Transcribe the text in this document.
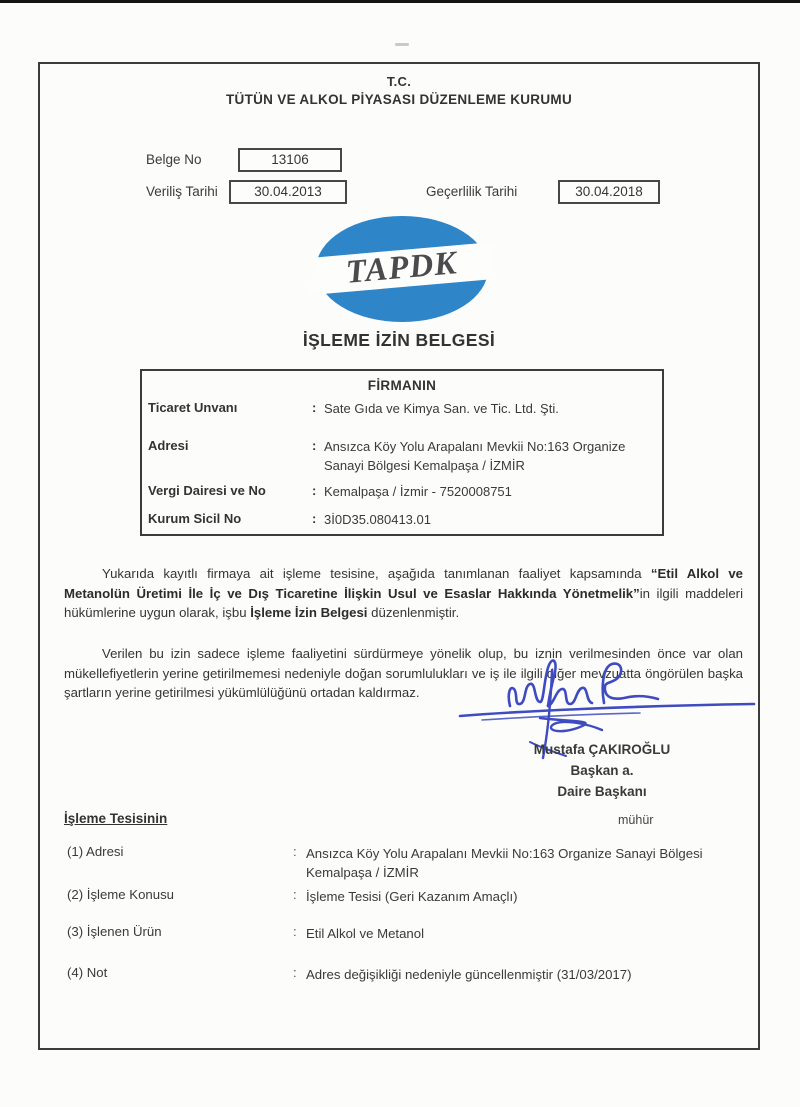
T.C.
TÜTÜN VE ALKOL PİYASASI DÜZENLEME KURUMU
Belge No	13106
Veriliş Tarihi	30.04.2013	Geçerlilik Tarihi	30.04.2018
TAPDK
İŞLEME İZİN BELGESİ
FİRMANIN
Ticaret Unvanı	: Sate Gıda ve Kimya San. ve Tic. Ltd. Şti.
Adresi	: Ansızca Köy Yolu Arapalanı Mevkii No:163 Organize Sanayi Bölgesi Kemalpaşa / İZMİR
Vergi Dairesi ve No	: Kemalpaşa / İzmir - 7520008751
Kurum Sicil No	: 3İ0D35.080413.01

Yukarıda kayıtlı firmaya ait işleme tesisine, aşağıda tanımlanan faaliyet kapsamında “Etil Alkol ve Metanolün Üretimi İle İç ve Dış Ticaretine İlişkin Usul ve Esaslar Hakkında Yönetmelik”in ilgili maddeleri hükümlerine uygun olarak, işbu İşleme İzin Belgesi düzenlenmiştir.

Verilen bu izin sadece işleme faaliyetini sürdürmeye yönelik olup, bu iznin verilmesinden önce var olan mükellefiyetlerin yerine getirilmemesi nedeniyle doğan sorumlulukları ve iş ile ilgili diğer mevzuatta öngörülen başka şartların yerine getirilmesi yükümlülüğünü ortadan kaldırmaz.

Mustafa ÇAKIROĞLU
Başkan a.
Daire Başkanı
İşleme Tesisinin	mühür
(1) Adresi	: Ansızca Köy Yolu Arapalanı Mevkii No:163 Organize Sanayi Bölgesi Kemalpaşa / İZMİR
(2) İşleme Konusu	: İşleme Tesisi (Geri Kazanım Amaçlı)
(3) İşlenen Ürün	: Etil Alkol ve Metanol
(4) Not	: Adres değişikliği nedeniyle güncellenmiştir (31/03/2017)
